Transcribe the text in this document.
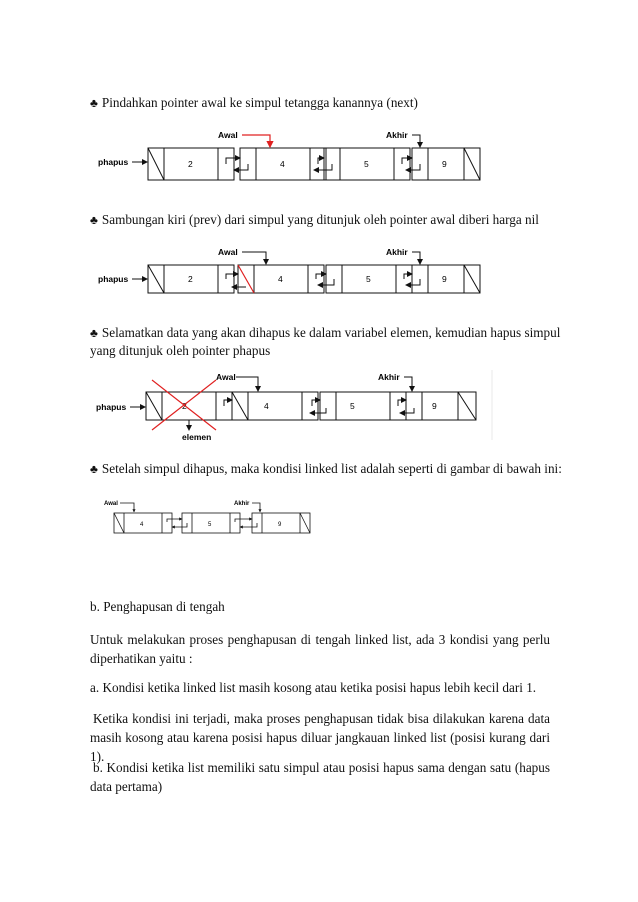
♣ Pindahkan pointer awal ke simpul tetangga kanannya (next)
phapus	2	4	5	9
Awal	Akhir
♣ Sambungan kiri (prev) dari simpul yang ditunjuk oleh pointer awal diberi harga nil
phapus	2	4	5	9
Awal	Akhir
♣ Selamatkan data yang akan dihapus ke dalam variabel elemen, kemudian hapus simpul
yang ditunjuk oleh pointer phapus
phapus
elemen
4	5	9
Awal	Akhir
♣ Setelah simpul dihapus, maka kondisi linked list adalah seperti di gambar di bawah ini:
Awal	Akhir
4	5	9
b. Penghapusan di tengah
Untuk melakukan proses penghapusan di tengah linked list, ada 3 kondisi yang perlu diperhatikan yaitu :
a. Kondisi ketika linked list masih kosong atau ketika posisi hapus lebih kecil dari 1.
Ketika kondisi ini terjadi, maka proses penghapusan tidak bisa dilakukan karena data masih kosong atau karena posisi hapus diluar jangkauan linked list (posisi kurang dari 1).
b. Kondisi ketika list memiliki satu simpul atau posisi hapus sama dengan satu (hapus data pertama)
